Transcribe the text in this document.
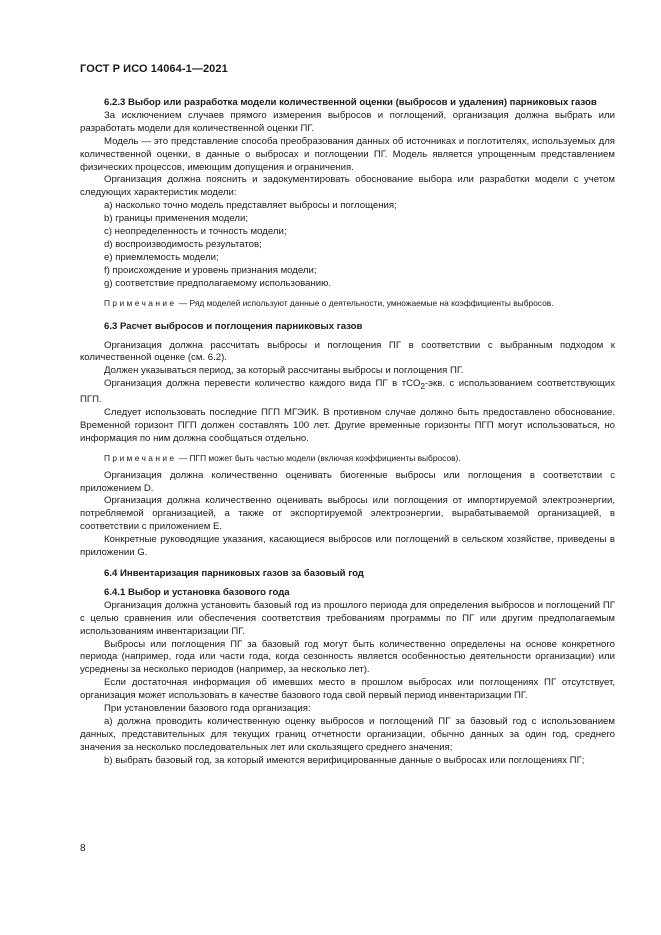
ГОСТ Р ИСО 14064-1—2021

6.2.3 Выбор или разработка модели количественной оценки (выбросов и удаления) парниковых газов

За исключением случаев прямого измерения выбросов и поглощений, организация должна выбрать или разработать модели для количественной оценки ПГ.

Модель — это представление способа преобразования данных об источниках и поглотителях, используемых для количественной оценки, в данные о выбросах и поглощении ПГ. Модель является упрощенным представлением физических процессов, имеющим допущения и ограничения.

Организация должна пояснить и задокументировать обоснование выбора или разработки модели с учетом следующих характеристик модели:

a) насколько точно модель представляет выбросы и поглощения;

b) границы применения модели;

c) неопределенность и точность модели;

d) воспроизводимость результатов;

e) приемлемость модели;

f) происхождение и уровень признания модели;

g) соответствие предполагаемому использованию.

Примечание — Ряд моделей используют данные о деятельности, умножаемые на коэффициенты выбросов.

6.3 Расчет выбросов и поглощения парниковых газов

Организация должна рассчитать выбросы и поглощения ПГ в соответствии с выбранным подходом к количественной оценке (см. 6.2).

Должен указываться период, за который рассчитаны выбросы и поглощения ПГ.

Организация должна перевести количество каждого вида ПГ в тCO$_2$-экв. с использованием соответствующих ПГП.

Следует использовать последние ПГП МГЭИК. В противном случае должно быть предоставлено обоснование. Временной горизонт ПГП должен составлять 100 лет. Другие временные горизонты ПГП могут использоваться, но информация по ним должна сообщаться отдельно.

Примечание — ПГП может быть частью модели (включая коэффициенты выбросов).

Организация должна количественно оценивать биогенные выбросы или поглощения в соответствии с приложением D.

Организация должна количественно оценивать выбросы или поглощения от импортируемой электроэнергии, потребляемой организацией, а также от экспортируемой электроэнергии, вырабатываемой организацией, в соответствии с приложением E.

Конкретные руководящие указания, касающиеся выбросов или поглощений в сельском хозяйстве, приведены в приложении G.

6.4 Инвентаризация парниковых газов за базовый год

6.4.1 Выбор и установка базового года

Организация должна установить базовый год из прошлого периода для определения выбросов и поглощений ПГ с целью сравнения или обеспечения соответствия требованиям программы по ПГ или другим предполагаемым использованиям инвентаризации ПГ.

Выбросы или поглощения ПГ за базовый год могут быть количественно определены на основе конкретного периода (например, года или части года, когда сезонность является особенностью деятельности организации) или усреднены за несколько периодов (например, за несколько лет).

Если достаточная информация об имевших место в прошлом выбросах или поглощениях ПГ отсутствует, организация может использовать в качестве базового года свой первый период инвентаризации ПГ.

При установлении базового года организация:

a) должна проводить количественную оценку выбросов и поглощений ПГ за базовый год с использованием данных, представительных для текущих границ отчетности организации, обычно данных за один год, среднего значения за несколько последовательных лет или скользящего среднего значения;

b) выбрать базовый год, за который имеются верифицированные данные о выбросах или поглощениях ПГ;

8
